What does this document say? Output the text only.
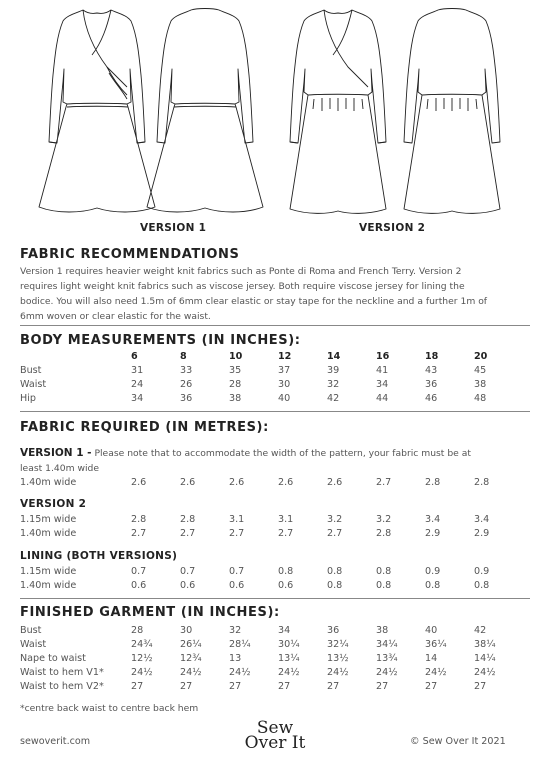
VERSION 1	VERSION 2
FABRIC RECOMMENDATIONS
Version 1 requires heavier weight knit fabrics such as Ponte di Roma and French Terry. Version 2
requires light weight knit fabrics such as viscose jersey. Both require viscose jersey for lining the
bodice. You will also need 1.5m of 6mm clear elastic or stay tape for the neckline and a further 1m of
6mm woven or clear elastic for the waist.
BODY MEASUREMENTS (IN INCHES):
	6	8	10	12	14	16	18	20
Bust	31	33	35	37	39	41	43	45
Waist	24	26	28	30	32	34	36	38
Hip	34	36	38	40	42	44	46	48
FABRIC REQUIRED (IN METRES):
VERSION 1 - Please note that to accommodate the width of the pattern, your fabric must be at
least 1.40m wide
1.40m wide	2.6	2.6	2.6	2.6	2.6	2.7	2.8	2.8
VERSION 2
1.15m wide	2.8	2.8	3.1	3.1	3.2	3.2	3.4	3.4
1.40m wide	2.7	2.7	2.7	2.7	2.7	2.8	2.9	2.9
LINING (BOTH VERSIONS)
1.15m wide	0.7	0.7	0.7	0.8	0.8	0.8	0.9	0.9
1.40m wide	0.6	0.6	0.6	0.6	0.8	0.8	0.8	0.8
FINISHED GARMENT (IN INCHES):
Bust	28	30	32	34	36	38	40	42
Waist	24¾	26¼	28¼	30¼	32¼	34¼	36¼	38¼
Nape to waist	12½	12¾	13	13¼	13½	13¾	14	14¼
Waist to hem V1*	24½	24½	24½	24½	24½	24½	24½	24½
Waist to hem V2*	27	27	27	27	27	27	27	27
*centre back waist to centre back hem
sewoverit.com
Sew
Over It	© Sew Over It 2021
